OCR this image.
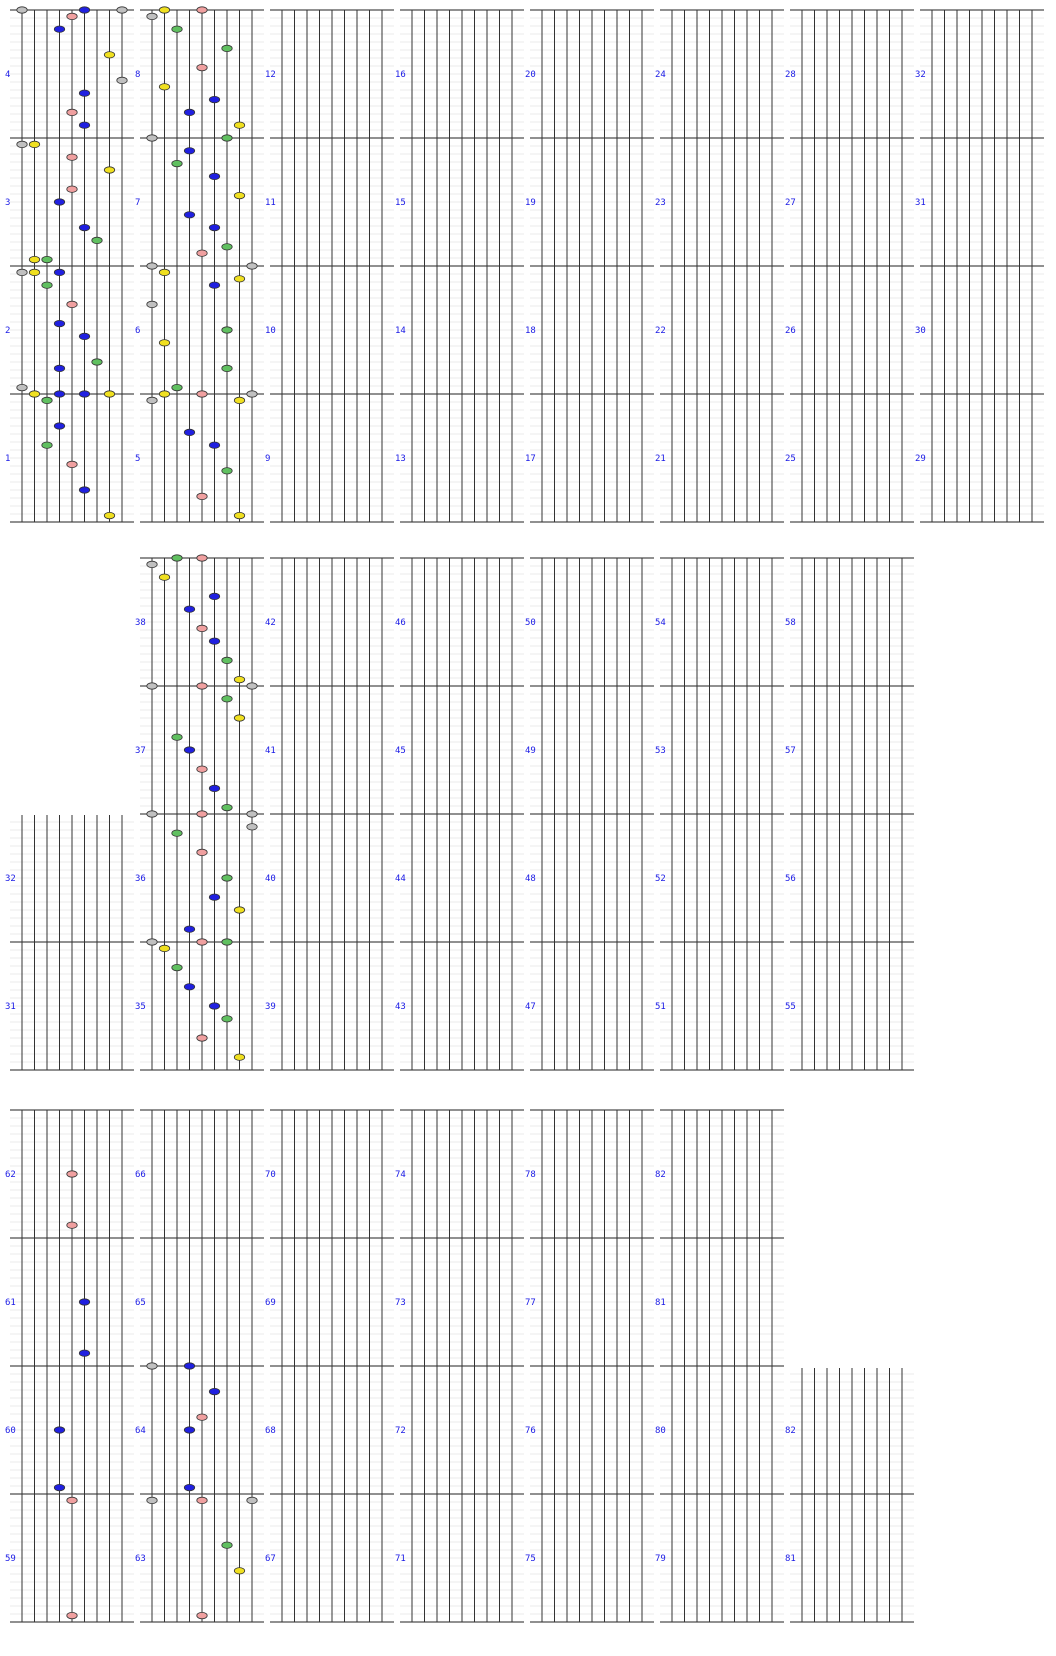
1
2
3
4
5
6
7
8
9
10
11
12
13
14
15
16
17
18
19
20
21
22
23
24
25
26
27
28
29
30
31
32
31
32
35
36
37
38
39
40
41
42
43
44
45
46
47
48
49
50
51
52
53
54
55
56
57
58
59
60
61
62
63
64
65
66
67
68
69
70
71
72
73
74
75
76
77
78
79
80
81
82
81
82
